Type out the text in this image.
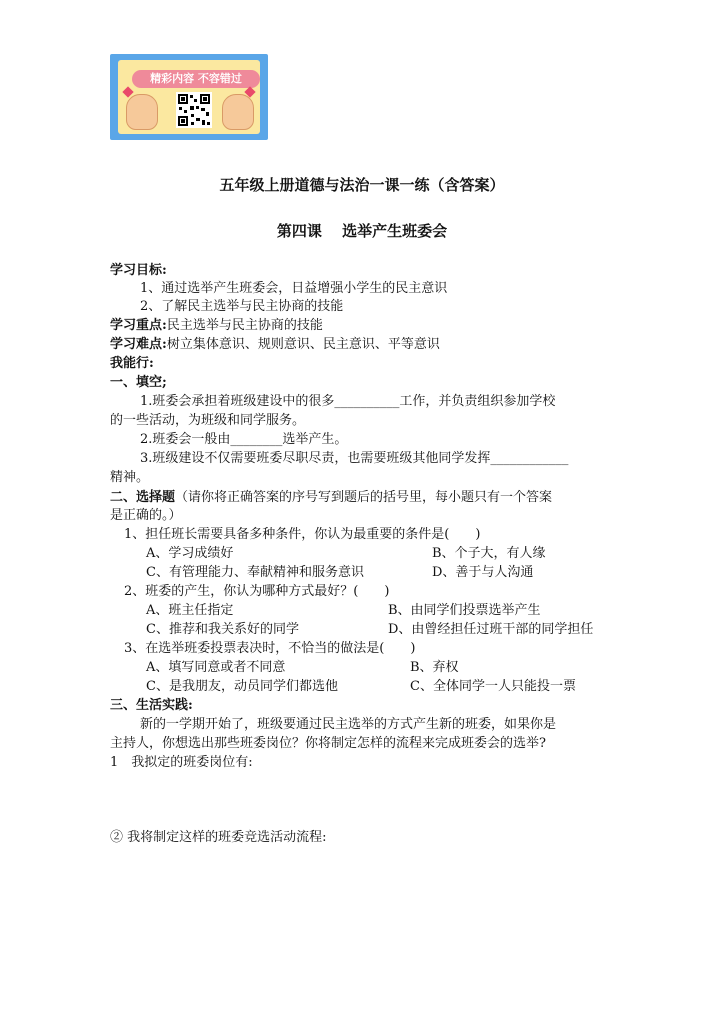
精彩内容 不容错过
五年级上册道德与法治一课一练（含答案）
第四课　 选举产生班委会
学习目标:
1、通过选举产生班委会，日益增强小学生的民主意识
2、了解民主选举与民主协商的技能
学习重点:民主选举与民主协商的技能
学习难点:树立集体意识、规则意识、民主意识、平等意识
我能行:
一、填空;
1.班委会承担着班级建设中的很多__________工作，并负责组织参加学校
的一些活动，为班级和同学服务。
2.班委会一般由________选举产生。
3.班级建设不仅需要班委尽职尽责，也需要班级其他同学发挥____________
精神。
二、选择题（请你将正确答案的序号写到题后的括号里，每小题只有一个答案
是正确的。）
1、担任班长需要具备多种条件，你认为最重要的条件是(　　)
A、学习成绩好	B、个子大，有人缘
C、有管理能力、奉献精神和服务意识	D、善于与人沟通
2、班委的产生，你认为哪种方式最好？(　　)
A、班主任指定	B、由同学们投票选举产生
C、推荐和我关系好的同学	D、由曾经担任过班干部的同学担任
3、在选举班委投票表决时，不恰当的做法是(　　)
A、填写同意或者不同意	B、弃权
C、是我朋友，动员同学们都选他	C、全体同学一人只能投一票
三、生活实践:
新的一学期开始了，班级要通过民主选举的方式产生新的班委，如果你是
主持人，你想选出那些班委岗位？你将制定怎样的流程来完成班委会的选举?
1　我拟定的班委岗位有:
② 我将制定这样的班委竞选活动流程:
